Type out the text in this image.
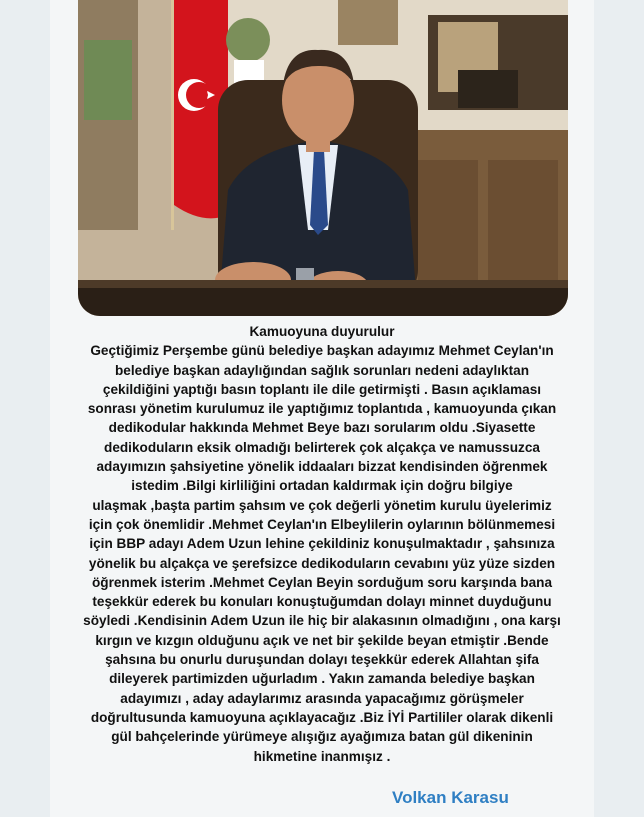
Kamuoyuna duyurulur
Geçtiğimiz Perşembe günü belediye başkan adayımız Mehmet Ceylan'ın
belediye başkan adaylığından sağlık sorunları nedeni adaylıktan
çekildiğini yaptığı basın toplantı ile dile getirmişti . Basın açıklaması
sonrası yönetim kurulumuz ile yaptığımız toplantıda , kamuoyunda çıkan
dedikodular hakkında Mehmet Beye bazı sorularım oldu .Siyasette
dedikoduların eksik olmadığı belirterek çok alçakça ve namussuzca
adayımızın şahsiyetine yönelik iddaaları bizzat kendisinden öğrenmek
istedim .Bilgi kirliliğini ortadan kaldırmak için doğru bilgiye
ulaşmak ,başta partim şahsım ve çok değerli yönetim kurulu üyelerimiz
için çok önemlidir .Mehmet Ceylan'ın Elbeylilerin oylarının bölünmemesi
için BBP adayı Adem Uzun lehine çekildiniz konuşulmaktadır , şahsınıza
yönelik bu alçakça ve şerefsizce dedikoduların cevabını yüz yüze sizden
öğrenmek isterim .Mehmet Ceylan Beyin sorduğum soru karşında bana
teşekkür ederek bu konuları konuştuğumdan dolayı minnet duyduğunu
söyledi .Kendisinin Adem Uzun ile hiç bir alakasının olmadığını , ona karşı
kırgın ve kızgın olduğunu açık ve net bir şekilde beyan etmiştir .Bende
şahsına bu onurlu duruşundan dolayı teşekkür ederek Allahtan şifa
dileyerek partimizden uğurladım . Yakın zamanda belediye başkan
adayımızı , aday adaylarımız arasında yapacağımız görüşmeler
doğrultusunda kamuoyuna açıklayacağız .Biz İYİ Partililer olarak dikenli
gül bahçelerinde yürümeye alışığız ayağımıza batan gül dikeninin
hikmetine inanmışız .
Volkan Karasu
